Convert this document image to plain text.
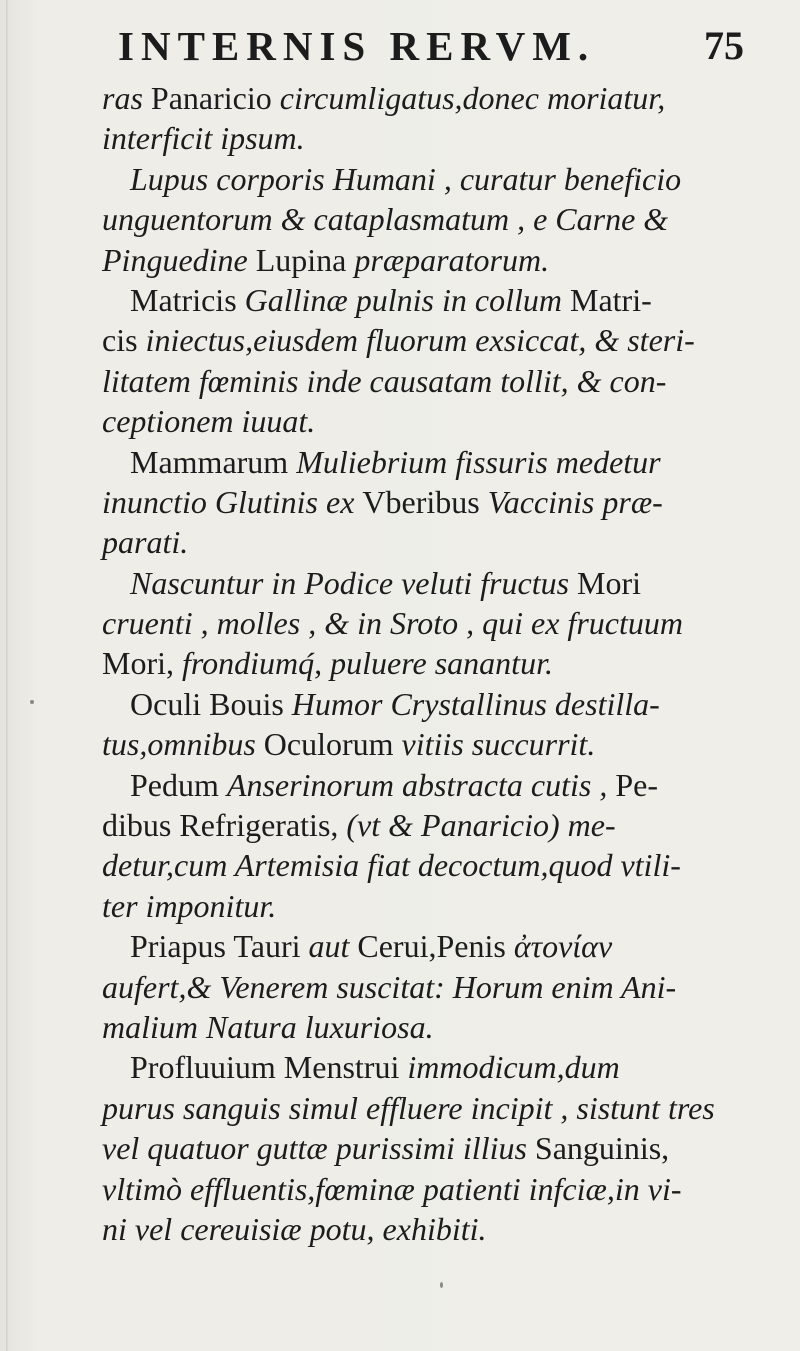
INTERNIS RERVM.	75
ras Panaricio circumligatus,donec moriatur,
interficit ipsum.
Lupus corporis Humani , curatur beneficio
unguentorum & cataplasmatum , e Carne &
Pinguedine Lupina præparatorum.
Matricis Gallinæ pulnis in collum Matri-
cis iniectus,eiusdem fluorum exsiccat, & steri-
litatem fœminis inde causatam tollit, & con-
ceptionem iuuat.
Mammarum Muliebrium fissuris medetur
inunctio Glutinis ex Vberibus Vaccinis præ-
parati.
Nascuntur in Podice veluti fructus Mori
cruenti , molles , & in Sroto , qui ex fructuum
Mori, frondiumq́, puluere sanantur.
Oculi Bouis Humor Crystallinus destilla-
tus,omnibus Oculorum vitiis succurrit.
Pedum Anserinorum abstracta cutis , Pe-
dibus Refrigeratis, (vt & Panaricio) me-
detur,cum Artemisia fiat decoctum,quod vtili-
ter imponitur.
Priapus Tauri aut Cerui,Penis ἀτονίαν
aufert,& Venerem suscitat: Horum enim Ani-
malium Natura luxuriosa.
Profluuium Menstrui immodicum,dum
purus sanguis simul effluere incipit , sistunt tres
vel quatuor guttæ purissimi illius Sanguinis,
vltimò effluentis,fœminæ patienti infciæ,in vi-
ni vel cereuisiæ potu, exhibiti.
